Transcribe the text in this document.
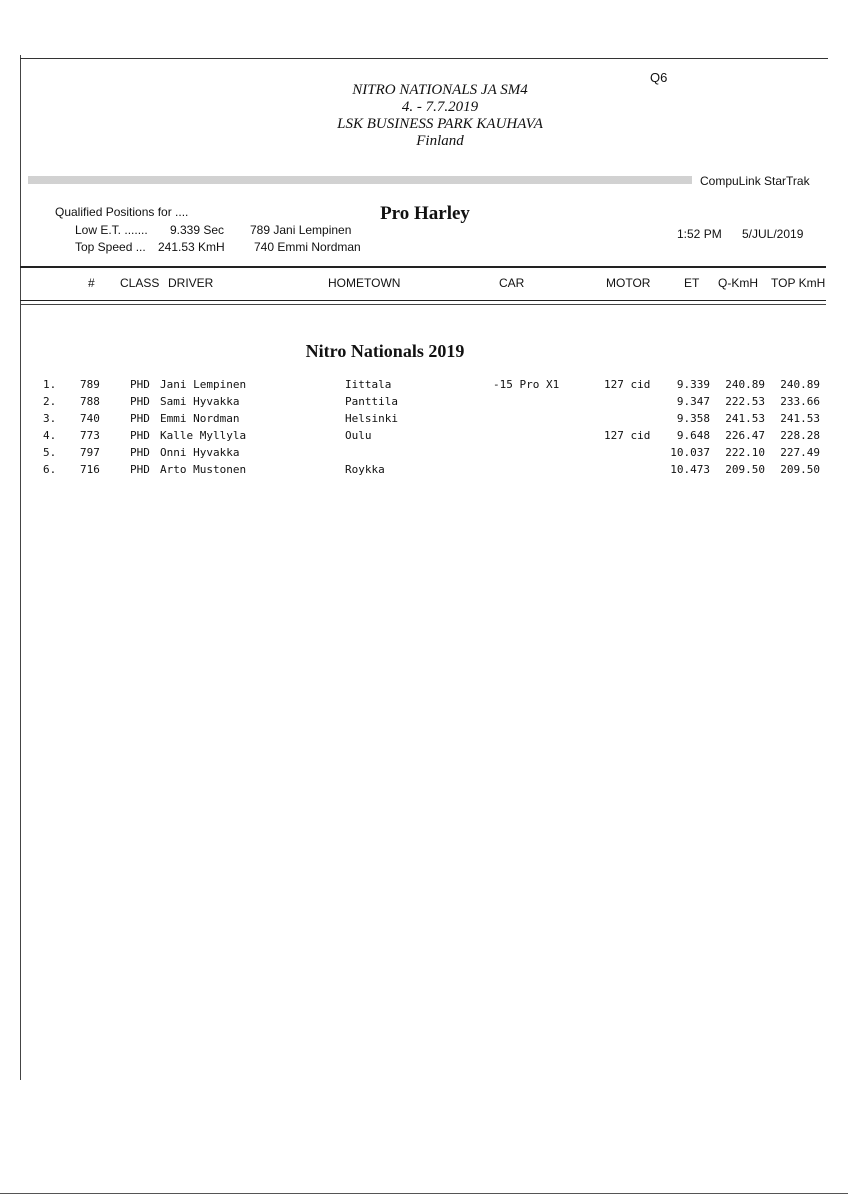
Q6
NITRO NATIONALS JA SM4
4. - 7.7.2019
LSK BUSINESS PARK KAUHAVA
Finland
CompuLink StarTrak
Qualified Positions for ....
Low E.T. ....... 9.339 Sec 789 Jani Lempinen
Top Speed ... 241.53 KmH 740 Emmi Nordman
Pro Harley
1:52 PM 5/JUL/2019
# CLASS DRIVER	HOMETOWN	CAR	MOTOR	ET Q-KmH TOP KmH
Nitro Nationals 2019
1. 789	PHD Jani Lempinen	Iittala	-15 Pro X1	127 cid 9.339 240.89 240.89
2. 788	PHD Sami Hyvakka	Panttila	9.347 222.53 233.66
3. 740	PHD Emmi Nordman	Helsinki	9.358 241.53 241.53
4. 773	PHD Kalle Myllyla	Oulu	127 cid 9.648 226.47 228.28
5. 797	PHD Onni Hyvakka	10.037 222.10 227.49
6. 716	PHD Arto Mustonen	Roykka	10.473 209.50 209.50
